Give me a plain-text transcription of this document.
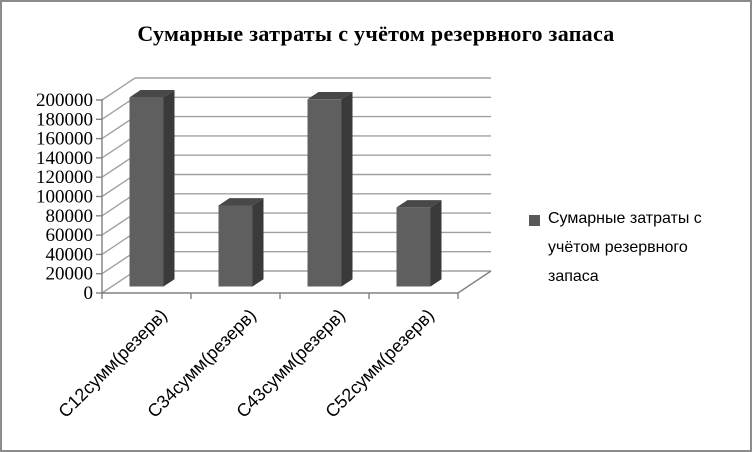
Сумарные затраты с учётом резервного запаса
0
20000
40000
60000
80000
100000
120000
140000
160000
180000
200000
С12сумм(резерв)
С34сумм(резерв)
С43сумм(резерв)
С52сумм(резерв)
Сумарные затраты с учётом резервного запаса
